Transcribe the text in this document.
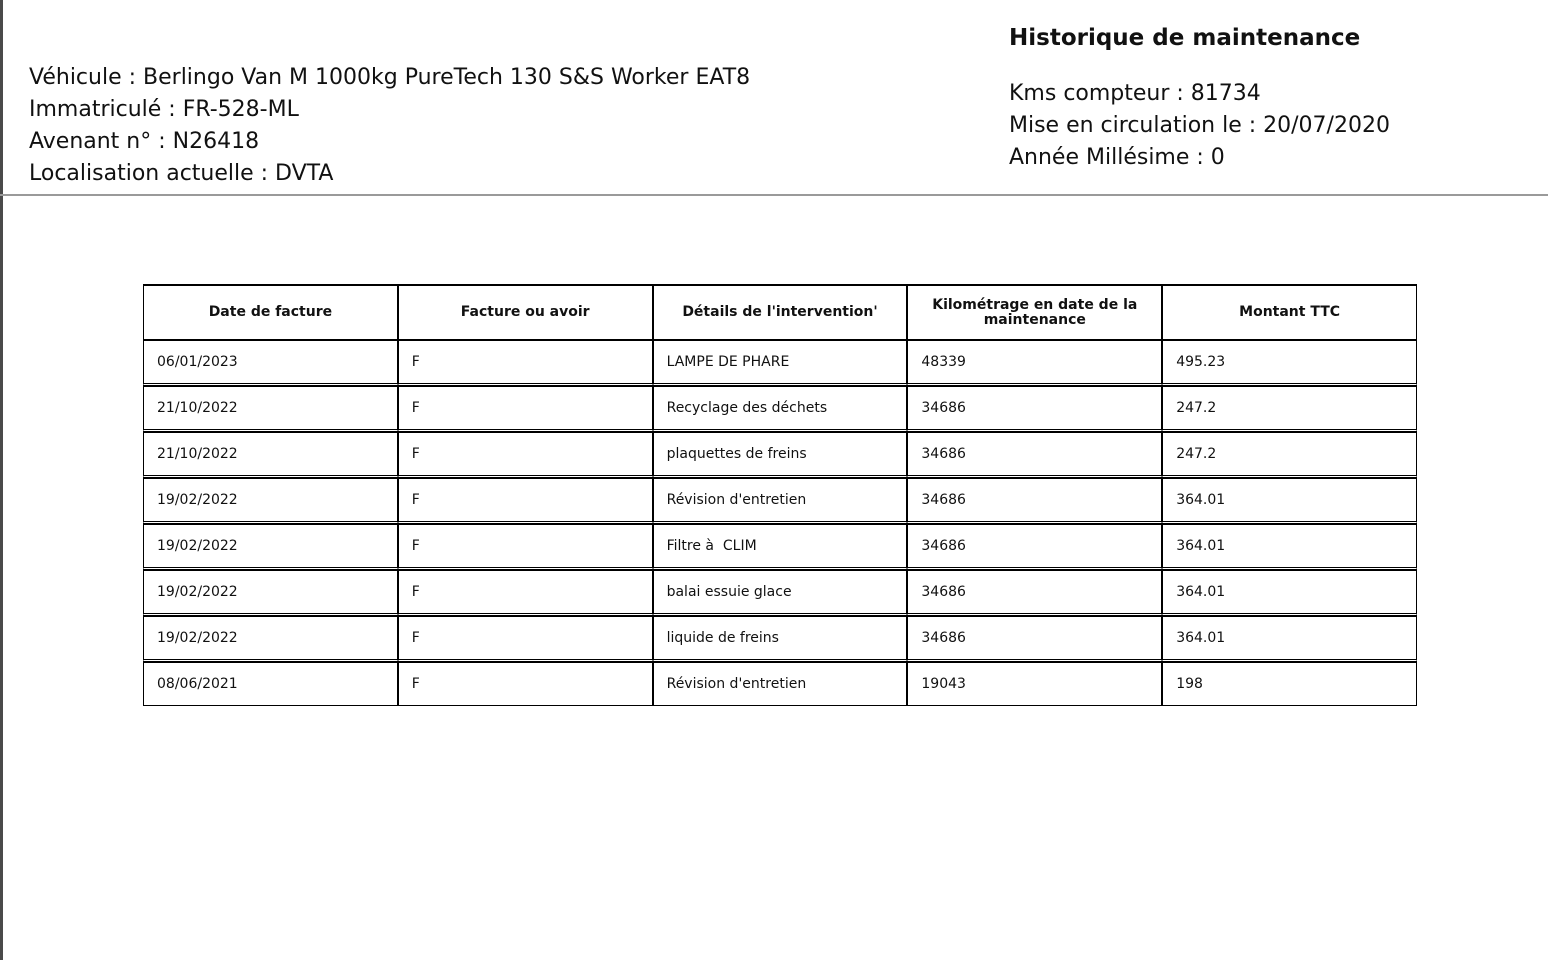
Véhicule : Berlingo Van M 1000kg PureTech 130 S&S Worker EAT8
Immatriculé : FR-528-ML
Avenant n° : N26418
Localisation actuelle : DVTA
Historique de maintenance
Kms compteur : 81734
Mise en circulation le : 20/07/2020
Année Millésime : 0
Date de facture	Facture ou avoir	Détails de l'intervention'	Kilométrage en date de la maintenance	Montant TTC
06/01/2023	F	LAMPE DE PHARE	48339	495.23
21/10/2022	F	Recyclage des déchets	34686	247.2
21/10/2022	F	plaquettes de freins	34686	247.2
19/02/2022	F	Révision d'entretien	34686	364.01
19/02/2022	F	Filtre à  CLIM	34686	364.01
19/02/2022	F	balai essuie glace	34686	364.01
19/02/2022	F	liquide de freins	34686	364.01
08/06/2021	F	Révision d'entretien	19043	198
